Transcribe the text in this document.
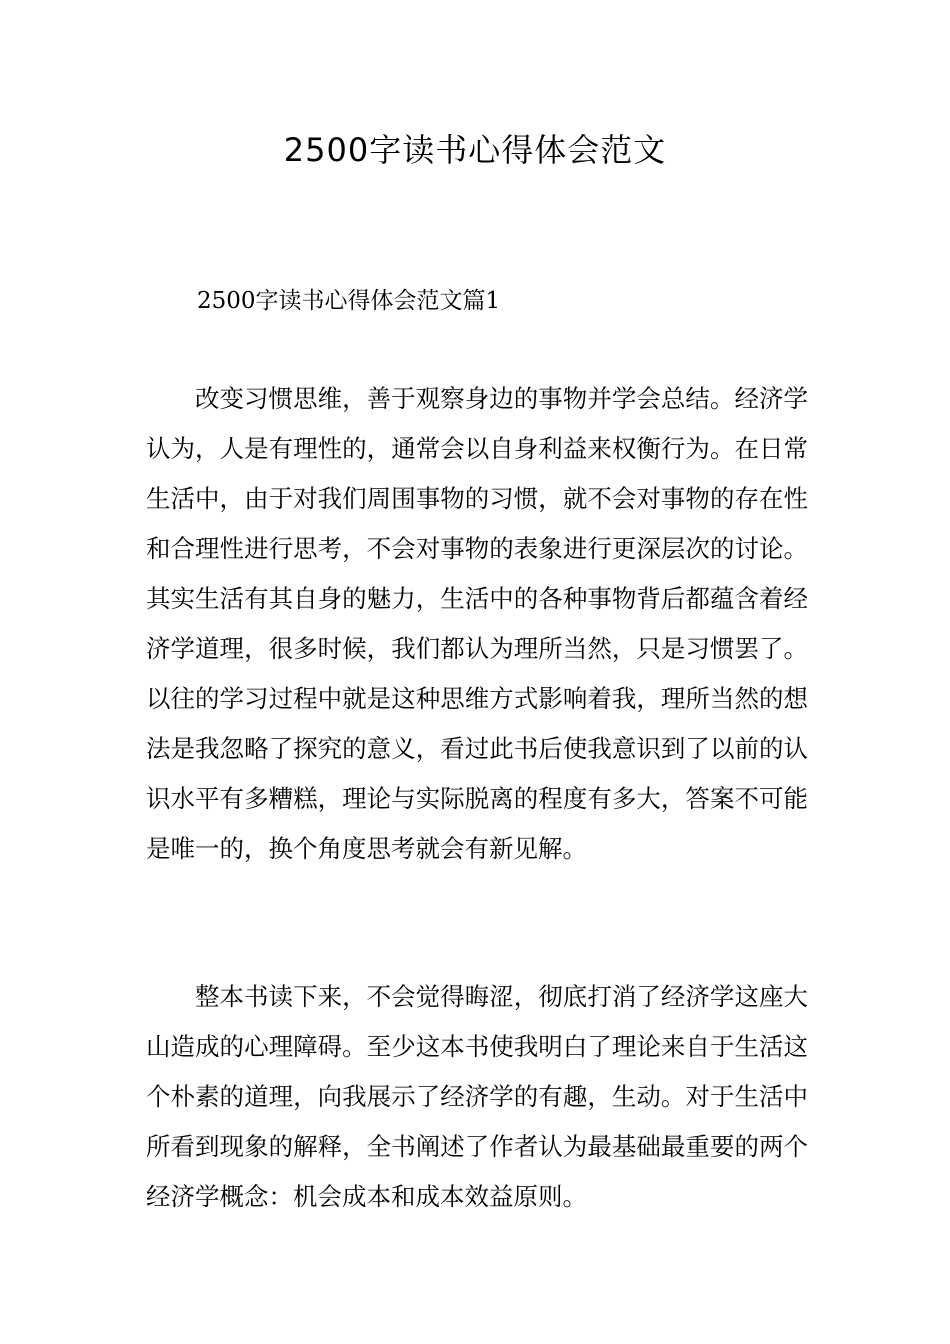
2500字读书心得体会范文
2500字读书心得体会范文篇1

改变习惯思维，善于观察身边的事物并学会总结。经济学认为，人是有理性的，通常会以自身利益来权衡行为。在日常生活中，由于对我们周围事物的习惯，就不会对事物的存在性和合理性进行思考，不会对事物的表象进行更深层次的讨论。其实生活有其自身的魅力，生活中的各种事物背后都蕴含着经济学道理，很多时候，我们都认为理所当然，只是习惯罢了。以往的学习过程中就是这种思维方式影响着我，理所当然的想法是我忽略了探究的意义，看过此书后使我意识到了以前的认识水平有多糟糕，理论与实际脱离的程度有多大，答案不可能是唯一的，换个角度思考就会有新见解。

整本书读下来，不会觉得晦涩，彻底打消了经济学这座大山造成的心理障碍。至少这本书使我明白了理论来自于生活这个朴素的道理，向我展示了经济学的有趣，生动。对于生活中所看到现象的解释，全书阐述了作者认为最基础最重要的两个经济学概念：机会成本和成本效益原则。
